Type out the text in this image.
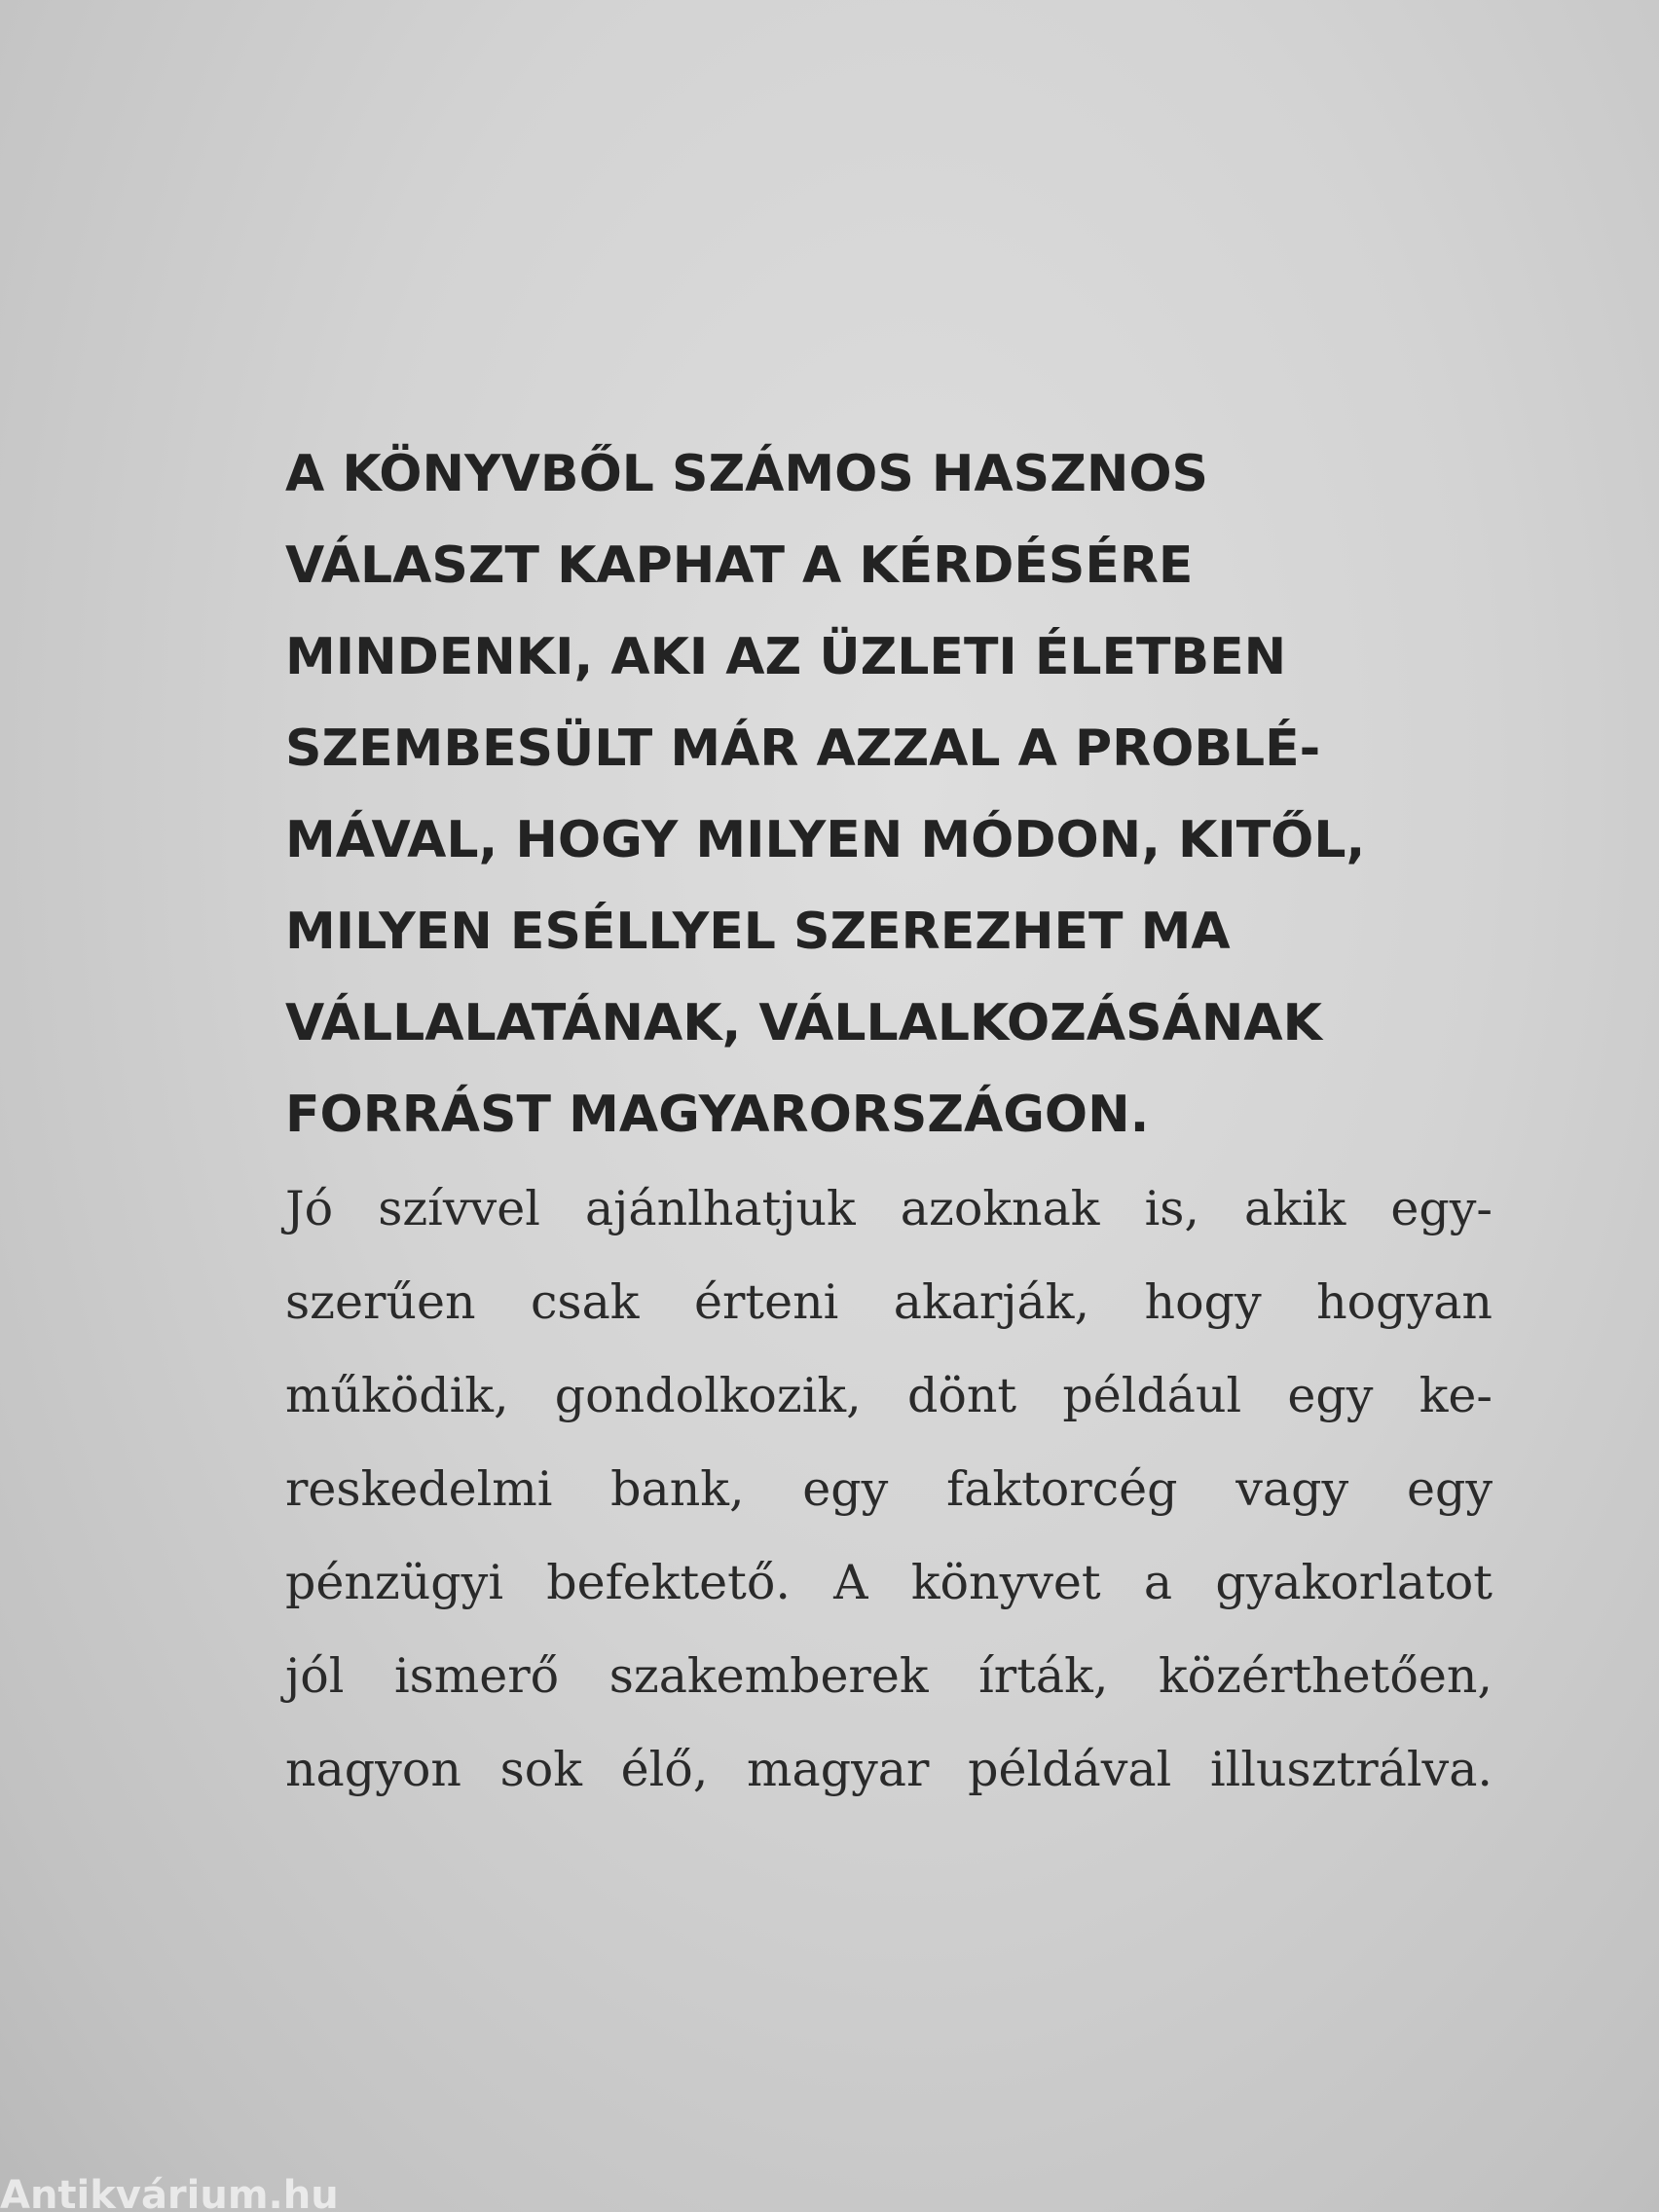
A KÖNYVBŐL SZÁMOS HASZNOS
VÁLASZT KAPHAT A KÉRDÉSÉRE
MINDENKI, AKI AZ ÜZLETI ÉLETBEN
SZEMBESÜLT MÁR AZZAL A PROBLÉ-
MÁVAL, HOGY MILYEN MÓDON, KITŐL,
MILYEN ESÉLLYEL SZEREZHET MA
VÁLLALATÁNAK, VÁLLALKOZÁSÁNAK
FORRÁST MAGYARORSZÁGON.
Jó szívvel ajánlhatjuk azoknak is, akik egy-
szerűen csak érteni akarják, hogy hogyan
működik, gondolkozik, dönt például egy ke-
reskedelmi bank, egy faktorcég vagy egy
pénzügyi befektető. A könyvet a gyakorlatot
jól ismerő szakemberek írták, közérthetően,
nagyon sok élő, magyar példával illusztrálva.
Antikvárium.hu
